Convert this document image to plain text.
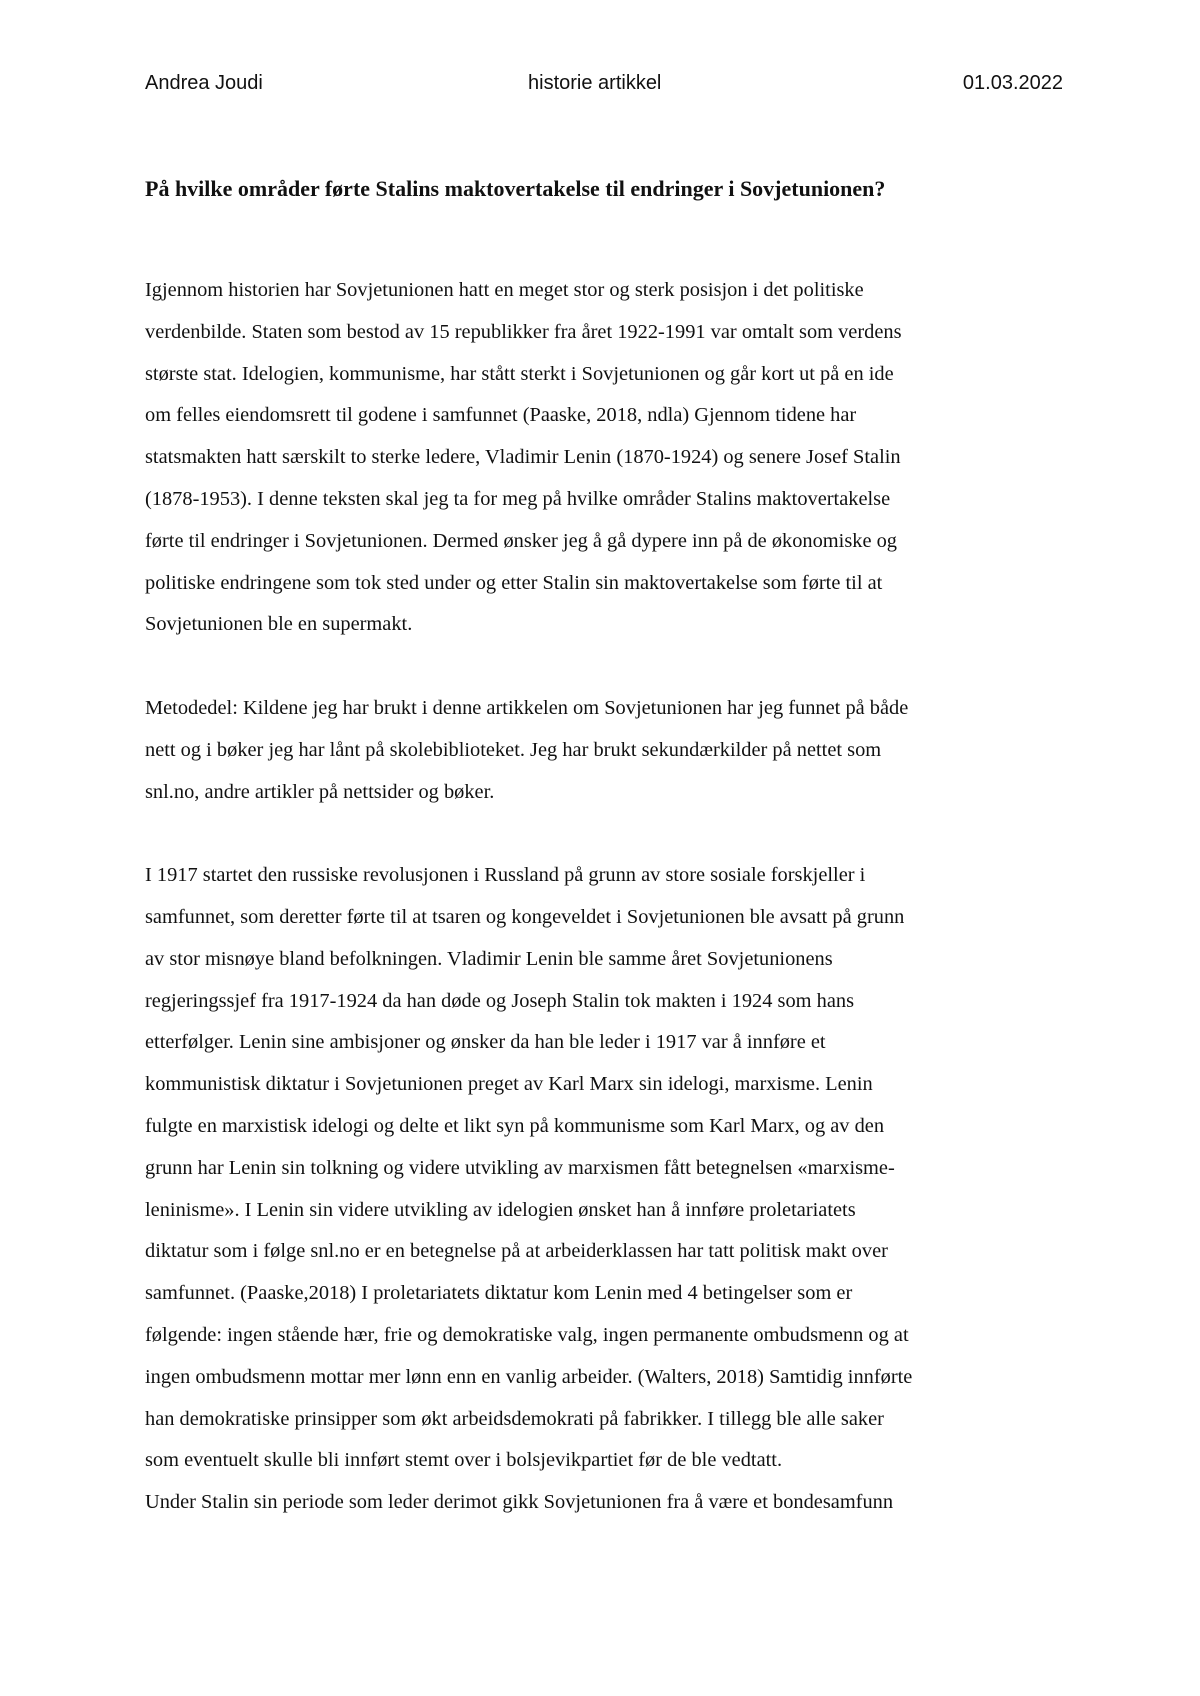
Andrea Joudi	historie artikkel	01.03.2022
På hvilke områder førte Stalins maktovertakelse til endringer i Sovjetunionen?
Igjennom historien har Sovjetunionen hatt en meget stor og sterk posisjon i det politiske
verdenbilde. Staten som bestod av 15 republikker fra året 1922-1991 var omtalt som verdens
største stat. Idelogien, kommunisme, har stått sterkt i Sovjetunionen og går kort ut på en ide
om felles eiendomsrett til godene i samfunnet (Paaske, 2018, ndla) Gjennom tidene har
statsmakten hatt særskilt to sterke ledere, Vladimir Lenin (1870-1924) og senere Josef Stalin
(1878-1953). I denne teksten skal jeg ta for meg på hvilke områder Stalins maktovertakelse
førte til endringer i Sovjetunionen. Dermed ønsker jeg å gå dypere inn på de økonomiske og
politiske endringene som tok sted under og etter Stalin sin maktovertakelse som førte til at
Sovjetunionen ble en supermakt.
Metodedel: Kildene jeg har brukt i denne artikkelen om Sovjetunionen har jeg funnet på både
nett og i bøker jeg har lånt på skolebiblioteket. Jeg har brukt sekundærkilder på nettet som
snl.no, andre artikler på nettsider og bøker.
I 1917 startet den russiske revolusjonen i Russland på grunn av store sosiale forskjeller i
samfunnet, som deretter førte til at tsaren og kongeveldet i Sovjetunionen ble avsatt på grunn
av stor misnøye bland befolkningen. Vladimir Lenin ble samme året Sovjetunionens
regjeringssjef fra 1917-1924 da han døde og Joseph Stalin tok makten i 1924 som hans
etterfølger. Lenin sine ambisjoner og ønsker da han ble leder i 1917 var å innføre et
kommunistisk diktatur i Sovjetunionen preget av Karl Marx sin idelogi, marxisme. Lenin
fulgte en marxistisk idelogi og delte et likt syn på kommunisme som Karl Marx, og av den
grunn har Lenin sin tolkning og videre utvikling av marxismen fått betegnelsen «marxisme-
leninisme». I Lenin sin videre utvikling av idelogien ønsket han å innføre proletariatets
diktatur som i følge snl.no er en betegnelse på at arbeiderklassen har tatt politisk makt over
samfunnet. (Paaske,2018) I proletariatets diktatur kom Lenin med 4 betingelser som er
følgende: ingen stående hær, frie og demokratiske valg, ingen permanente ombudsmenn og at
ingen ombudsmenn mottar mer lønn enn en vanlig arbeider. (Walters, 2018) Samtidig innførte
han demokratiske prinsipper som økt arbeidsdemokrati på fabrikker. I tillegg ble alle saker
som eventuelt skulle bli innført stemt over i bolsjevikpartiet før de ble vedtatt.
Under Stalin sin periode som leder derimot gikk Sovjetunionen fra å være et bondesamfunn
